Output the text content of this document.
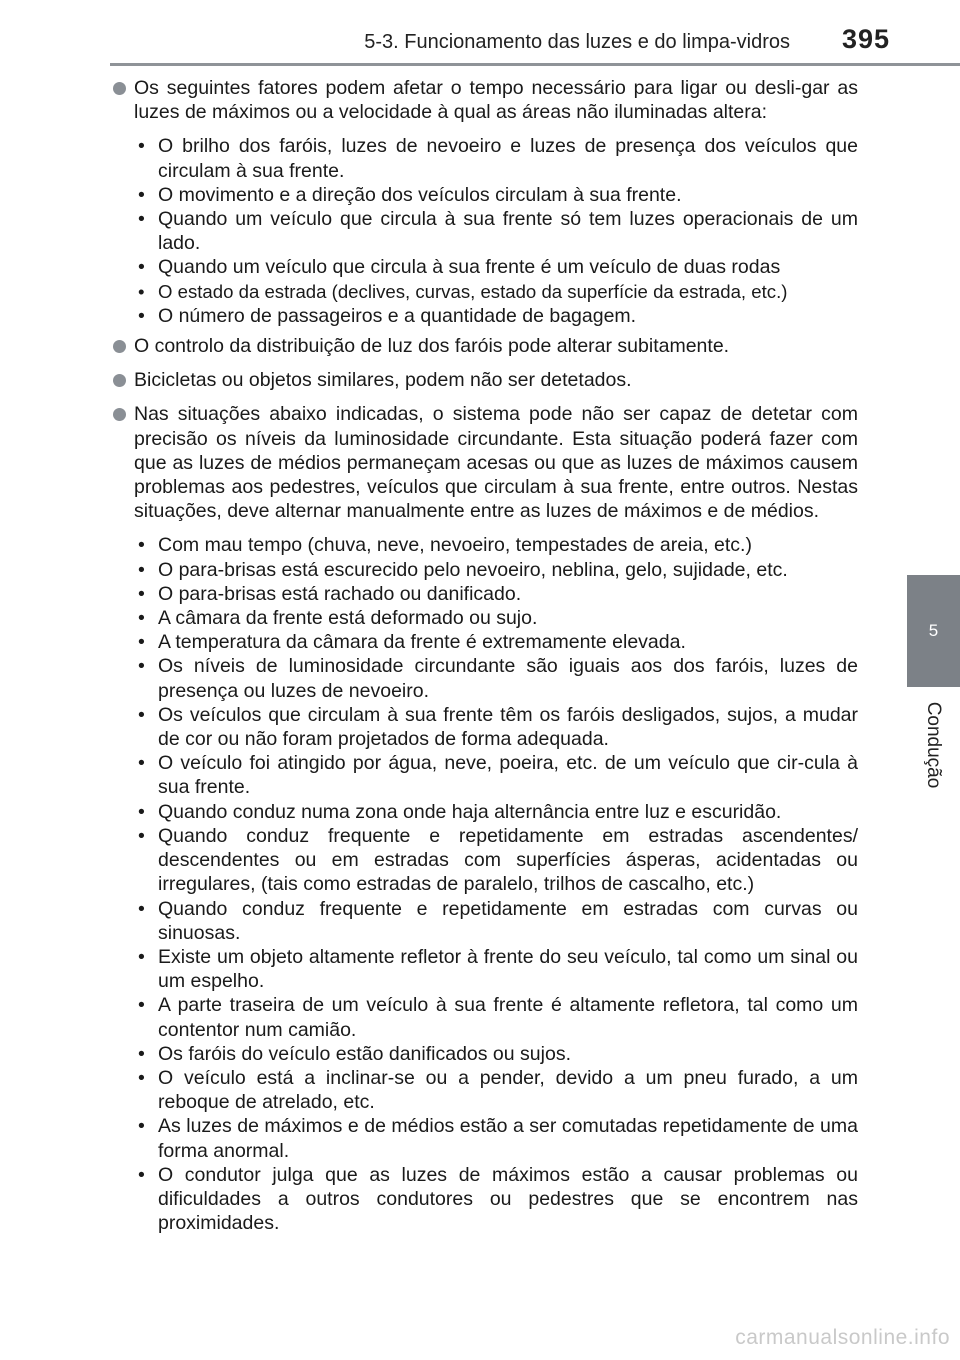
5-3. Funcionamento das luzes e do limpa-vidros 395
5
Condução
Os seguintes fatores podem afetar o tempo necessário para ligar ou desli-gar as luzes de máximos ou a velocidade à qual as áreas não iluminadas altera:
• O brilho dos faróis, luzes de nevoeiro e luzes de presença dos veículos que circulam à sua frente.
• O movimento e a direção dos veículos circulam à sua frente.
• Quando um veículo que circula à sua frente só tem luzes operacionais de um lado.
• Quando um veículo que circula à sua frente é um veículo de duas rodas
• O estado da estrada (declives, curvas, estado da superfície da estrada, etc.)
• O número de passageiros e a quantidade de bagagem.
O controlo da distribuição de luz dos faróis pode alterar subitamente.
Bicicletas ou objetos similares, podem não ser detetados.
Nas situações abaixo indicadas, o sistema pode não ser capaz de detetar com precisão os níveis da luminosidade circundante. Esta situação poderá fazer com que as luzes de médios permaneçam acesas ou que as luzes de máximos causem problemas aos pedestres, veículos que circulam à sua frente, entre outros. Nestas situações, deve alternar manualmente entre as luzes de máximos e de médios.
• Com mau tempo (chuva, neve, nevoeiro, tempestades de areia, etc.)
• O para-brisas está escurecido pelo nevoeiro, neblina, gelo, sujidade, etc.
• O para-brisas está rachado ou danificado.
• A câmara da frente está deformado ou sujo.
• A temperatura da câmara da frente é extremamente elevada.
• Os níveis de luminosidade circundante são iguais aos dos faróis, luzes de presença ou luzes de nevoeiro.
• Os veículos que circulam à sua frente têm os faróis desligados, sujos, a mudar de cor ou não foram projetados de forma adequada.
• O veículo foi atingido por água, neve, poeira, etc. de um veículo que cir-cula à sua frente.
• Quando conduz numa zona onde haja alternância entre luz e escuridão.
• Quando conduz frequente e repetidamente em estradas ascendentes/ descendentes ou em estradas com superfícies ásperas, acidentadas ou irregulares, (tais como estradas de paralelo, trilhos de cascalho, etc.)
• Quando conduz frequente e repetidamente em estradas com curvas ou sinuosas.
• Existe um objeto altamente refletor à frente do seu veículo, tal como um sinal ou um espelho.
• A parte traseira de um veículo à sua frente é altamente refletora, tal como um contentor num camião.
• Os faróis do veículo estão danificados ou sujos.
• O veículo está a inclinar-se ou a pender, devido a um pneu furado, a um reboque de atrelado, etc.
• As luzes de máximos e de médios estão a ser comutadas repetidamente de uma forma anormal.
• O condutor julga que as luzes de máximos estão a causar problemas ou dificuldades a outros condutores ou pedestres que se encontrem nas proximidades.
carmanualsonline.info
